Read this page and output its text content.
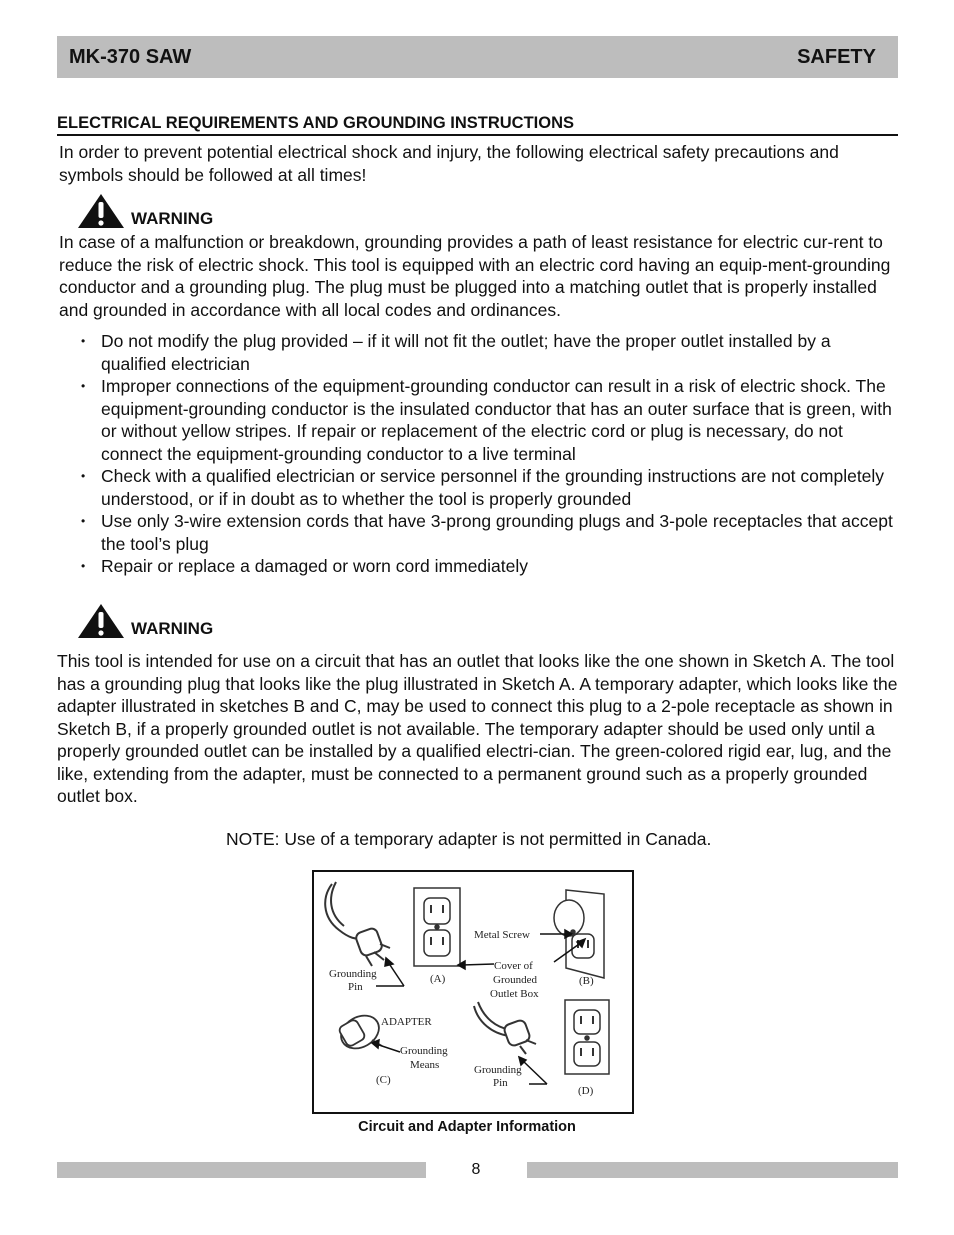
MK-370 SAW	SAFETY
ELECTRICAL REQUIREMENTS AND GROUNDING INSTRUCTIONS

In order to prevent potential electrical shock and injury, the following electrical safety precautions and symbols should be followed at all times!

WARNING

In case of a malfunction or breakdown, grounding provides a path of least resistance for electric cur-rent to reduce the risk of electric shock. This tool is equipped with an electric cord having an equip-ment-grounding conductor and a grounding plug. The plug must be plugged into a matching outlet that is properly installed and grounded in accordance with all local codes and ordinances.

• Do not modify the plug provided – if it will not fit the outlet; have the proper outlet installed by a qualified electrician
• Improper connections of the equipment-grounding conductor can result in a risk of electric shock. The equipment-grounding conductor is the insulated conductor that has an outer surface that is green, with or without yellow stripes. If repair or replacement of the electric cord or plug is necessary, do not connect the equipment-grounding conductor to a live terminal
• Check with a qualified electrician or service personnel if the grounding instructions are not completely understood, or if in doubt as to whether the tool is properly grounded
• Use only 3-wire extension cords that have 3-prong grounding plugs and 3-pole receptacles that accept the tool’s plug
• Repair or replace a damaged or worn cord immediately
WARNING

This tool is intended for use on a circuit that has an outlet that looks like the one shown in Sketch A. The tool has a grounding plug that looks like the plug illustrated in Sketch A. A temporary adapter, which looks like the adapter illustrated in sketches B and C, may be used to connect this plug to a 2-pole receptacle as shown in Sketch B, if a properly grounded outlet is not available. The temporary adapter should be used only until a properly grounded outlet can be installed by a qualified electri-cian. The green-colored rigid ear, lug, and the like, extending from the adapter, must be connected to a permanent ground such as a properly grounded outlet box.

NOTE: Use of a temporary adapter is not permitted in Canada.
Grounding
Pin
(A)
Metal Screw
Cover of
Grounded
Outlet Box
(B)
ADAPTER
Grounding
Means
(C)
Grounding
Pin
(D)
Circuit and Adapter Information
8
